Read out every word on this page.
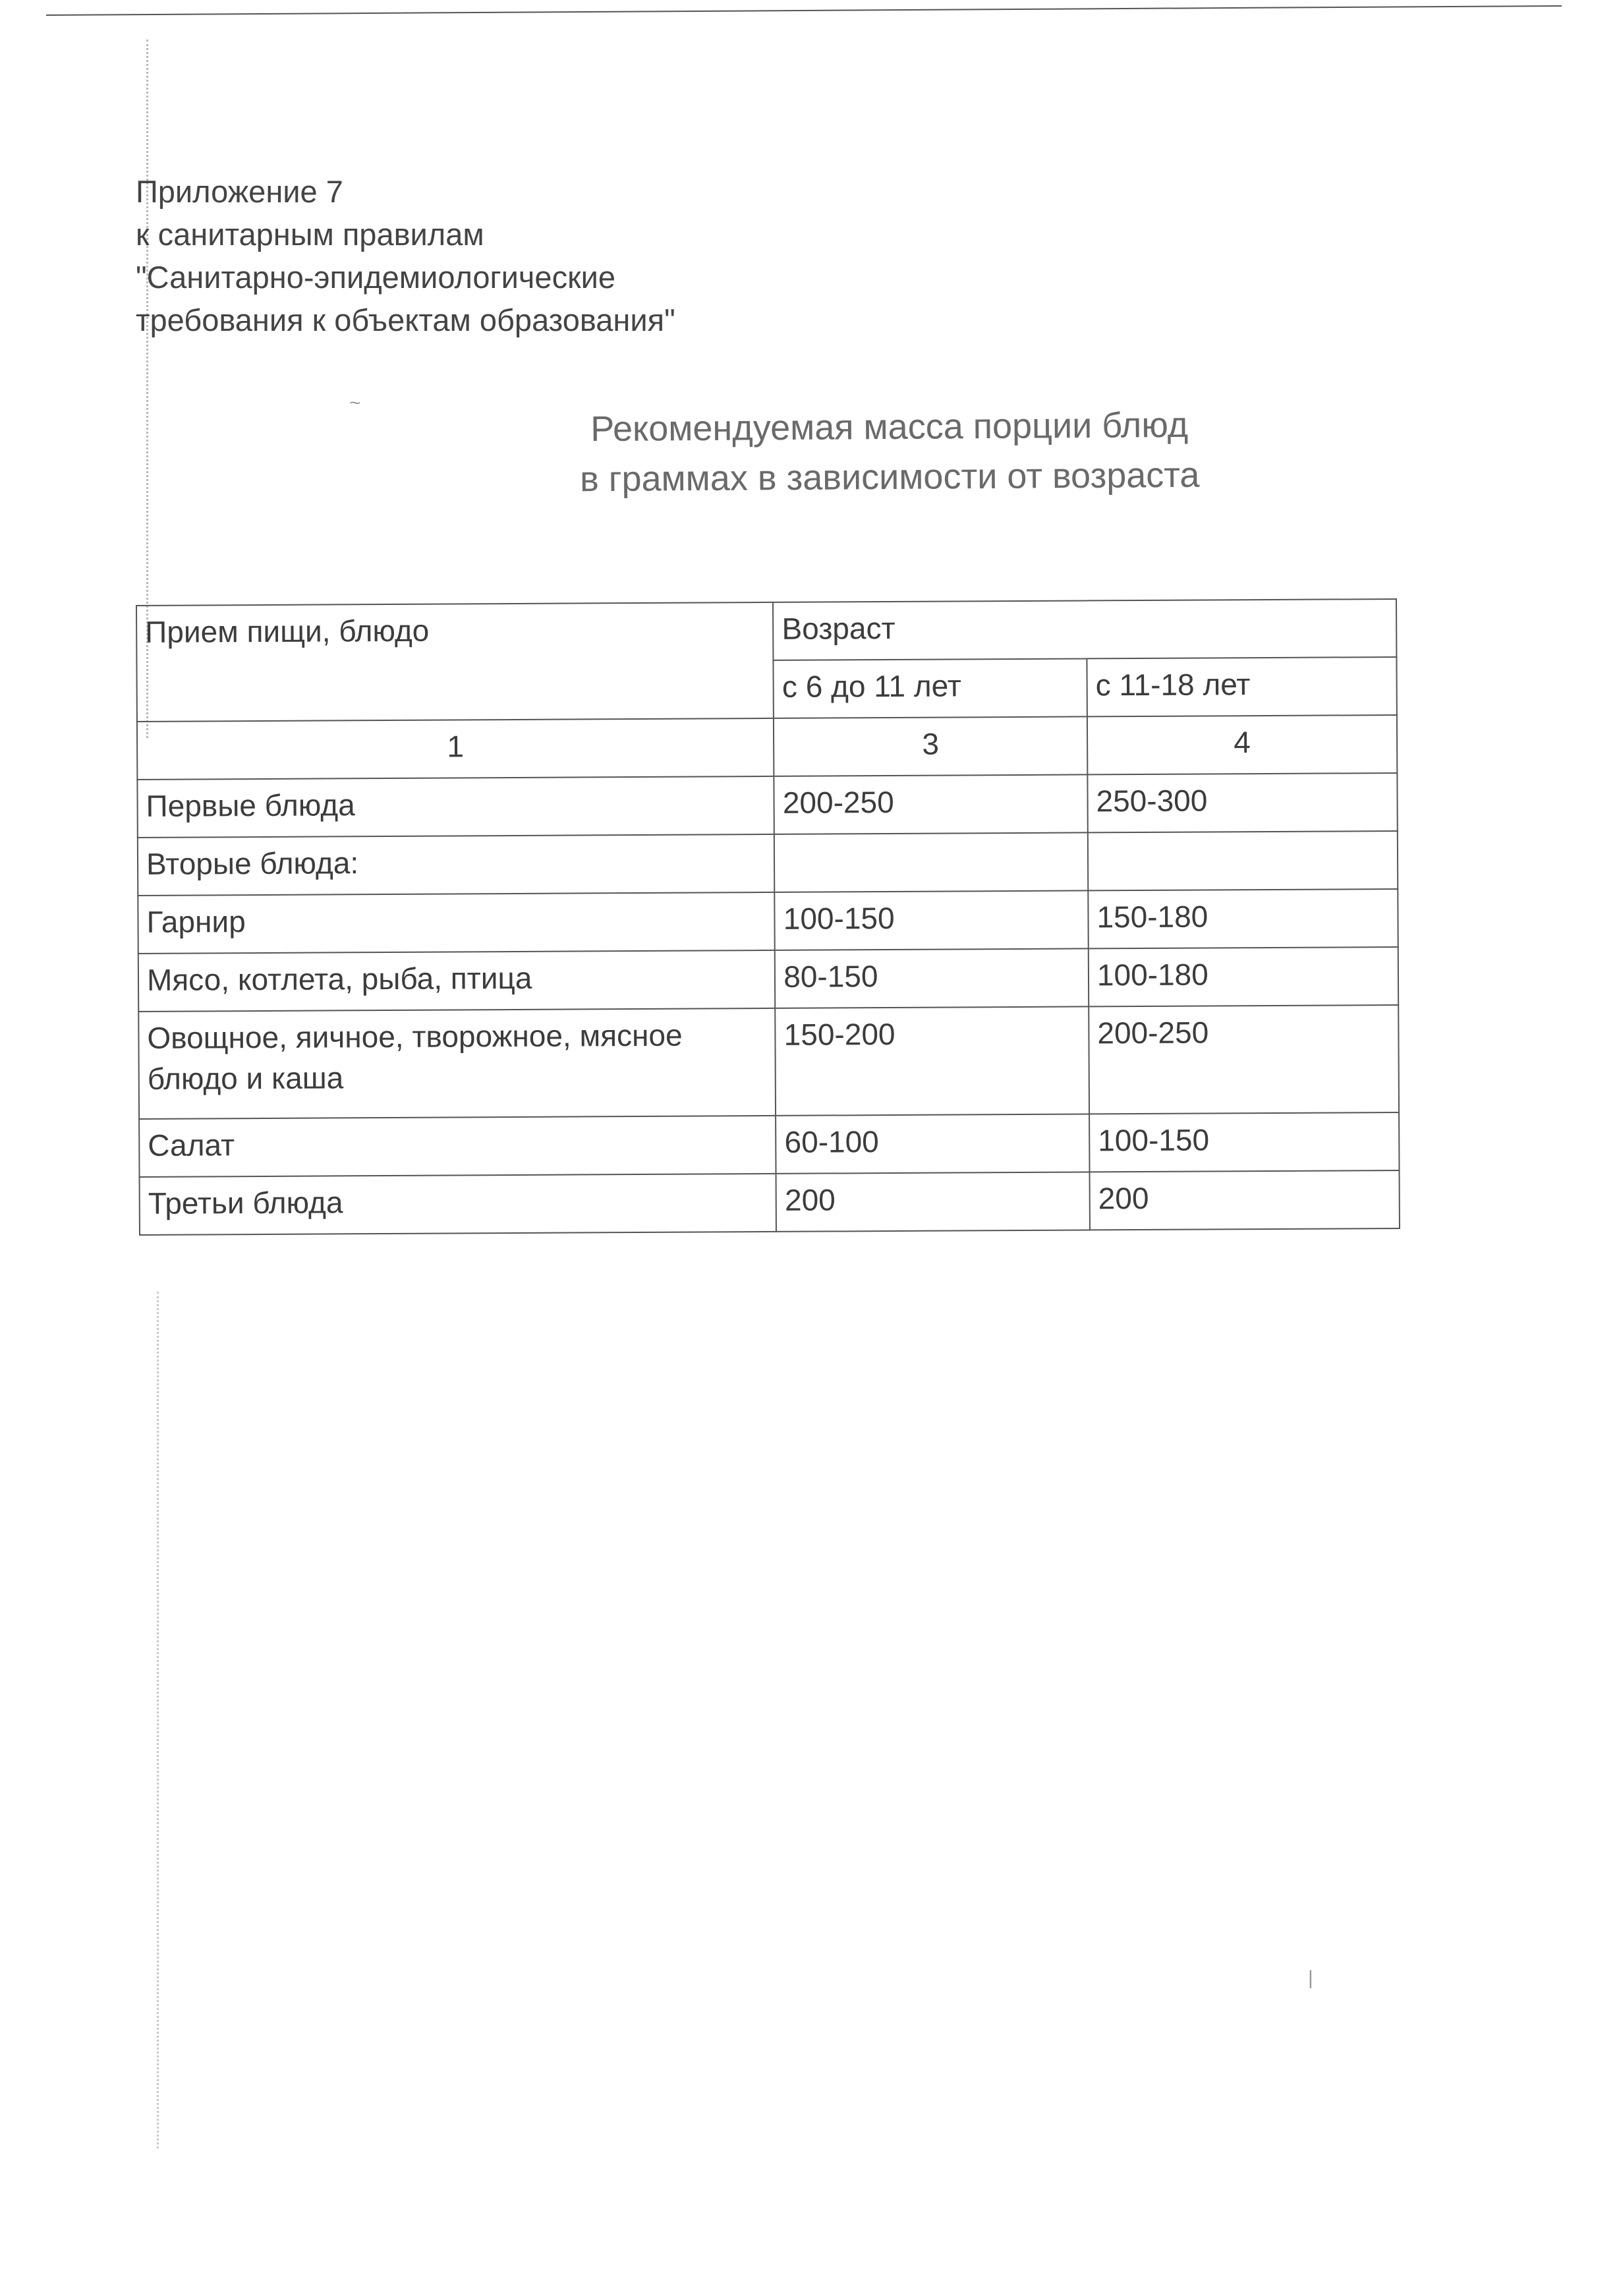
Приложение 7
к санитарным правилам
"Санитарно-эпидемиологические
требования к объектам образования"
Рекомендуемая масса порции блюд
в граммах в зависимости от возраста
Прием пищи, блюдо	Возраст	
	с 6 до 11 лет	с 11-18 лет
1	3	4
Первые блюда	200-250	250-300
Вторые блюда:		
Гарнир	100-150	150-180
Мясо, котлета, рыба, птица	80-150	100-180
Овощное, яичное, творожное, мясное блюдо и каша	150-200	200-250
Салат	60-100	100-150
Третьи блюда	200	200
~
|
